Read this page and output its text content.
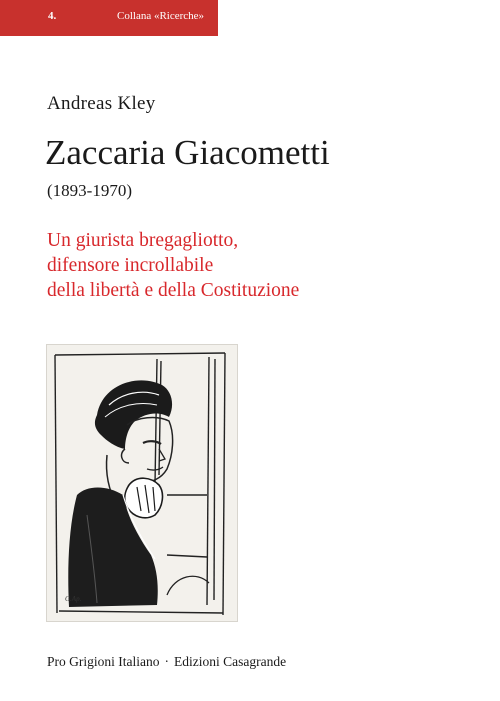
4.	Collana «Ricerche»
Andreas Kley
Zaccaria Giacometti
(1893-1970)
Un giurista bregagliotto,
difensore incrollabile
della libertà e della Costituzione
G.Ap.
Pro Grigioni Italiano · Edizioni Casagrande
